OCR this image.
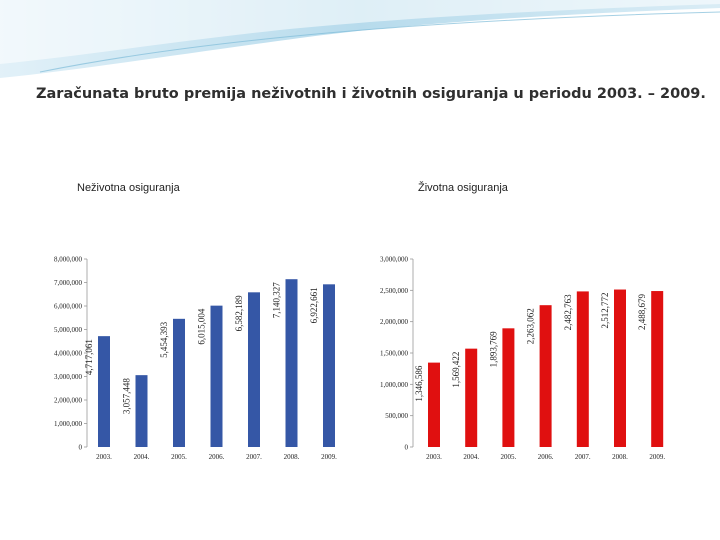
Zaračunata bruto premija neživotnih i životnih osiguranja u periodu 2003. – 2009.
Neživotna osiguranja	Životna osiguranja
0
1,000,000
2,000,000
3,000,000
4,000,000
5,000,000
6,000,000
7,000,000
8,000,000
4,717,061
2003.
3,057,448
2004.
5,454,393
2005.
6,015,004
2006.
6,582,189
2007.
7,140,327
2008.
6,922,661
2009.
0
500,000
1,000,000
1,500,000
2,000,000
2,500,000
3,000,000
1,346,586
2003.
1,569,422
2004.
1,893,769
2005.
2,263,062
2006.
2,482,763
2007.
2,512,772
2008.
2,488,679
2009.
